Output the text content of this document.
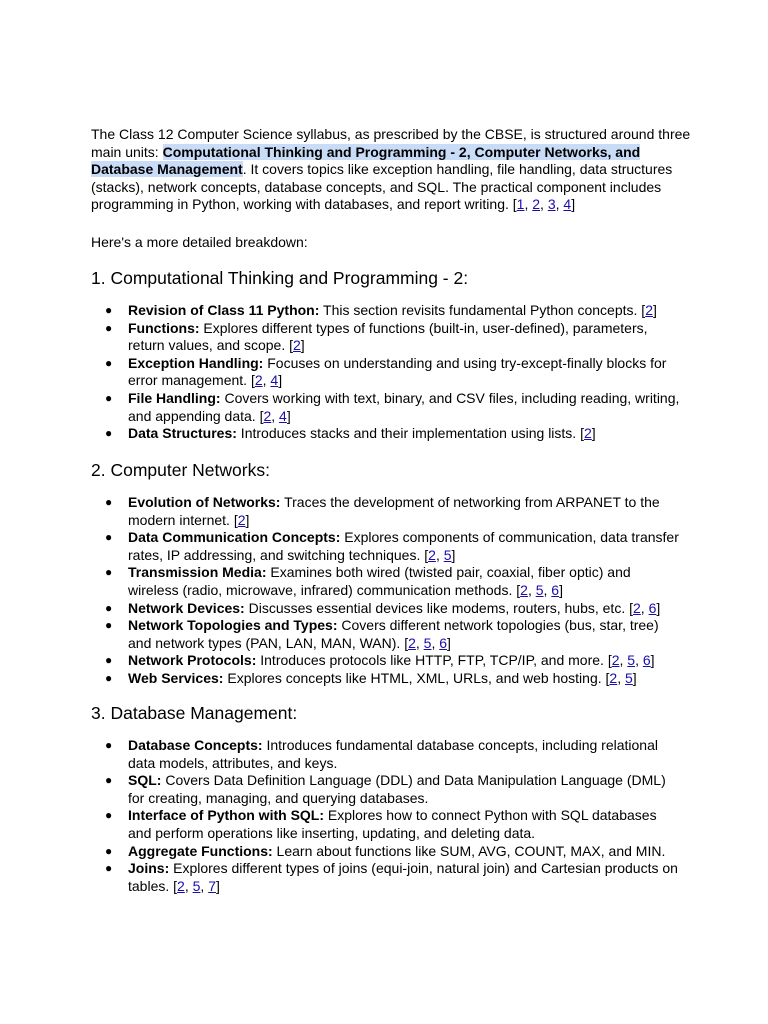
The Class 12 Computer Science syllabus, as prescribed by the CBSE, is structured around three main units: Computational Thinking and Programming - 2, Computer Networks, and Database Management. It covers topics like exception handling, file handling, data structures (stacks), network concepts, database concepts, and SQL. The practical component includes programming in Python, working with databases, and report writing. [1, 2, 3, 4]

Here's a more detailed breakdown:

1. Computational Thinking and Programming - 2:
● Revision of Class 11 Python: This section revisits fundamental Python concepts. [2]
● Functions: Explores different types of functions (built-in, user-defined), parameters, return values, and scope. [2]
● Exception Handling: Focuses on understanding and using try-except-finally blocks for error management. [2, 4]
● File Handling: Covers working with text, binary, and CSV files, including reading, writing, and appending data. [2, 4]
● Data Structures: Introduces stacks and their implementation using lists. [2]
2. Computer Networks:
● Evolution of Networks: Traces the development of networking from ARPANET to the modern internet. [2]
● Data Communication Concepts: Explores components of communication, data transfer rates, IP addressing, and switching techniques. [2, 5]
● Transmission Media: Examines both wired (twisted pair, coaxial, fiber optic) and wireless (radio, microwave, infrared) communication methods. [2, 5, 6]
● Network Devices: Discusses essential devices like modems, routers, hubs, etc. [2, 6]
● Network Topologies and Types: Covers different network topologies (bus, star, tree) and network types (PAN, LAN, MAN, WAN). [2, 5, 6]
● Network Protocols: Introduces protocols like HTTP, FTP, TCP/IP, and more. [2, 5, 6]
● Web Services: Explores concepts like HTML, XML, URLs, and web hosting. [2, 5]
3. Database Management:
● Database Concepts: Introduces fundamental database concepts, including relational data models, attributes, and keys.
● SQL: Covers Data Definition Language (DDL) and Data Manipulation Language (DML) for creating, managing, and querying databases.
● Interface of Python with SQL: Explores how to connect Python with SQL databases and perform operations like inserting, updating, and deleting data.
● Aggregate Functions: Learn about functions like SUM, AVG, COUNT, MAX, and MIN.
● Joins: Explores different types of joins (equi-join, natural join) and Cartesian products on tables. [2, 5, 7]
